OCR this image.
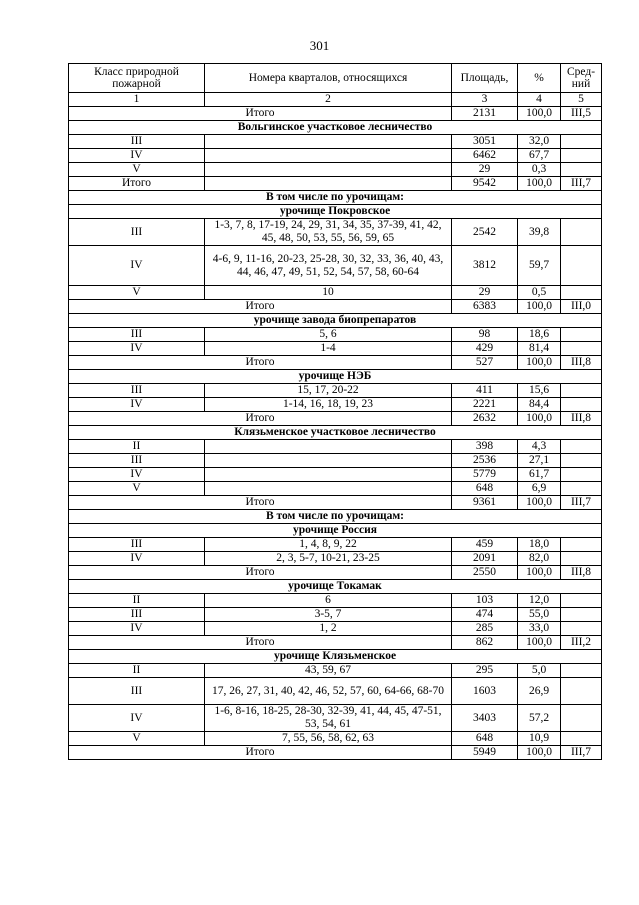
301
Класс природной пожарной	Номера кварталов, относящихся	Площадь,	%	Сред-ний
1	2	3	4	5
Итого		2131	100,0	III,5
Вольгинское участковое лесничество				
III		3051	32,0	
IV		6462	67,7	
V		29	0,3	
Итого		9542	100,0	III,7
В том числе по урочищам:				
урочище Покровское				
III	1-3, 7, 8, 17-19, 24, 29, 31, 34, 35, 37-39, 41, 42, 45, 48, 50, 53, 55, 56, 59, 65	2542	39,8	
IV	4-6, 9, 11-16, 20-23, 25-28, 30, 32, 33, 36, 40, 43, 44, 46, 47, 49, 51, 52, 54, 57, 58, 60-64	3812	59,7	
V	10	29	0,5	
Итого		6383	100,0	III,0
урочище завода биопрепаратов				
III	5, 6	98	18,6	
IV	1-4	429	81,4	
Итого		527	100,0	III,8
урочище НЭБ				
III	15, 17, 20-22	411	15,6	
IV	1-14, 16, 18, 19, 23	2221	84,4	
Итого		2632	100,0	III,8
Клязьменское участковое лесничество				
II		398	4,3	
III		2536	27,1	
IV		5779	61,7	
V		648	6,9	
Итого		9361	100,0	III,7
В том числе по урочищам:				
урочище Россия				
III	1, 4, 8, 9, 22	459	18,0	
IV	2, 3, 5-7, 10-21, 23-25	2091	82,0	
Итого		2550	100,0	III,8
урочище Токамак				
II	6	103	12,0	
III	3-5, 7	474	55,0	
IV	1, 2	285	33,0	
Итого		862	100,0	III,2
урочище Клязьменское				
II	43, 59, 67	295	5,0	
III	17, 26, 27, 31, 40, 42, 46, 52, 57, 60, 64-66, 68-70	1603	26,9	
IV	1-6, 8-16, 18-25, 28-30, 32-39, 41, 44, 45, 47-51, 53, 54, 61	3403	57,2	
V	7, 55, 56, 58, 62, 63	648	10,9	
Итого		5949	100,0	III,7
